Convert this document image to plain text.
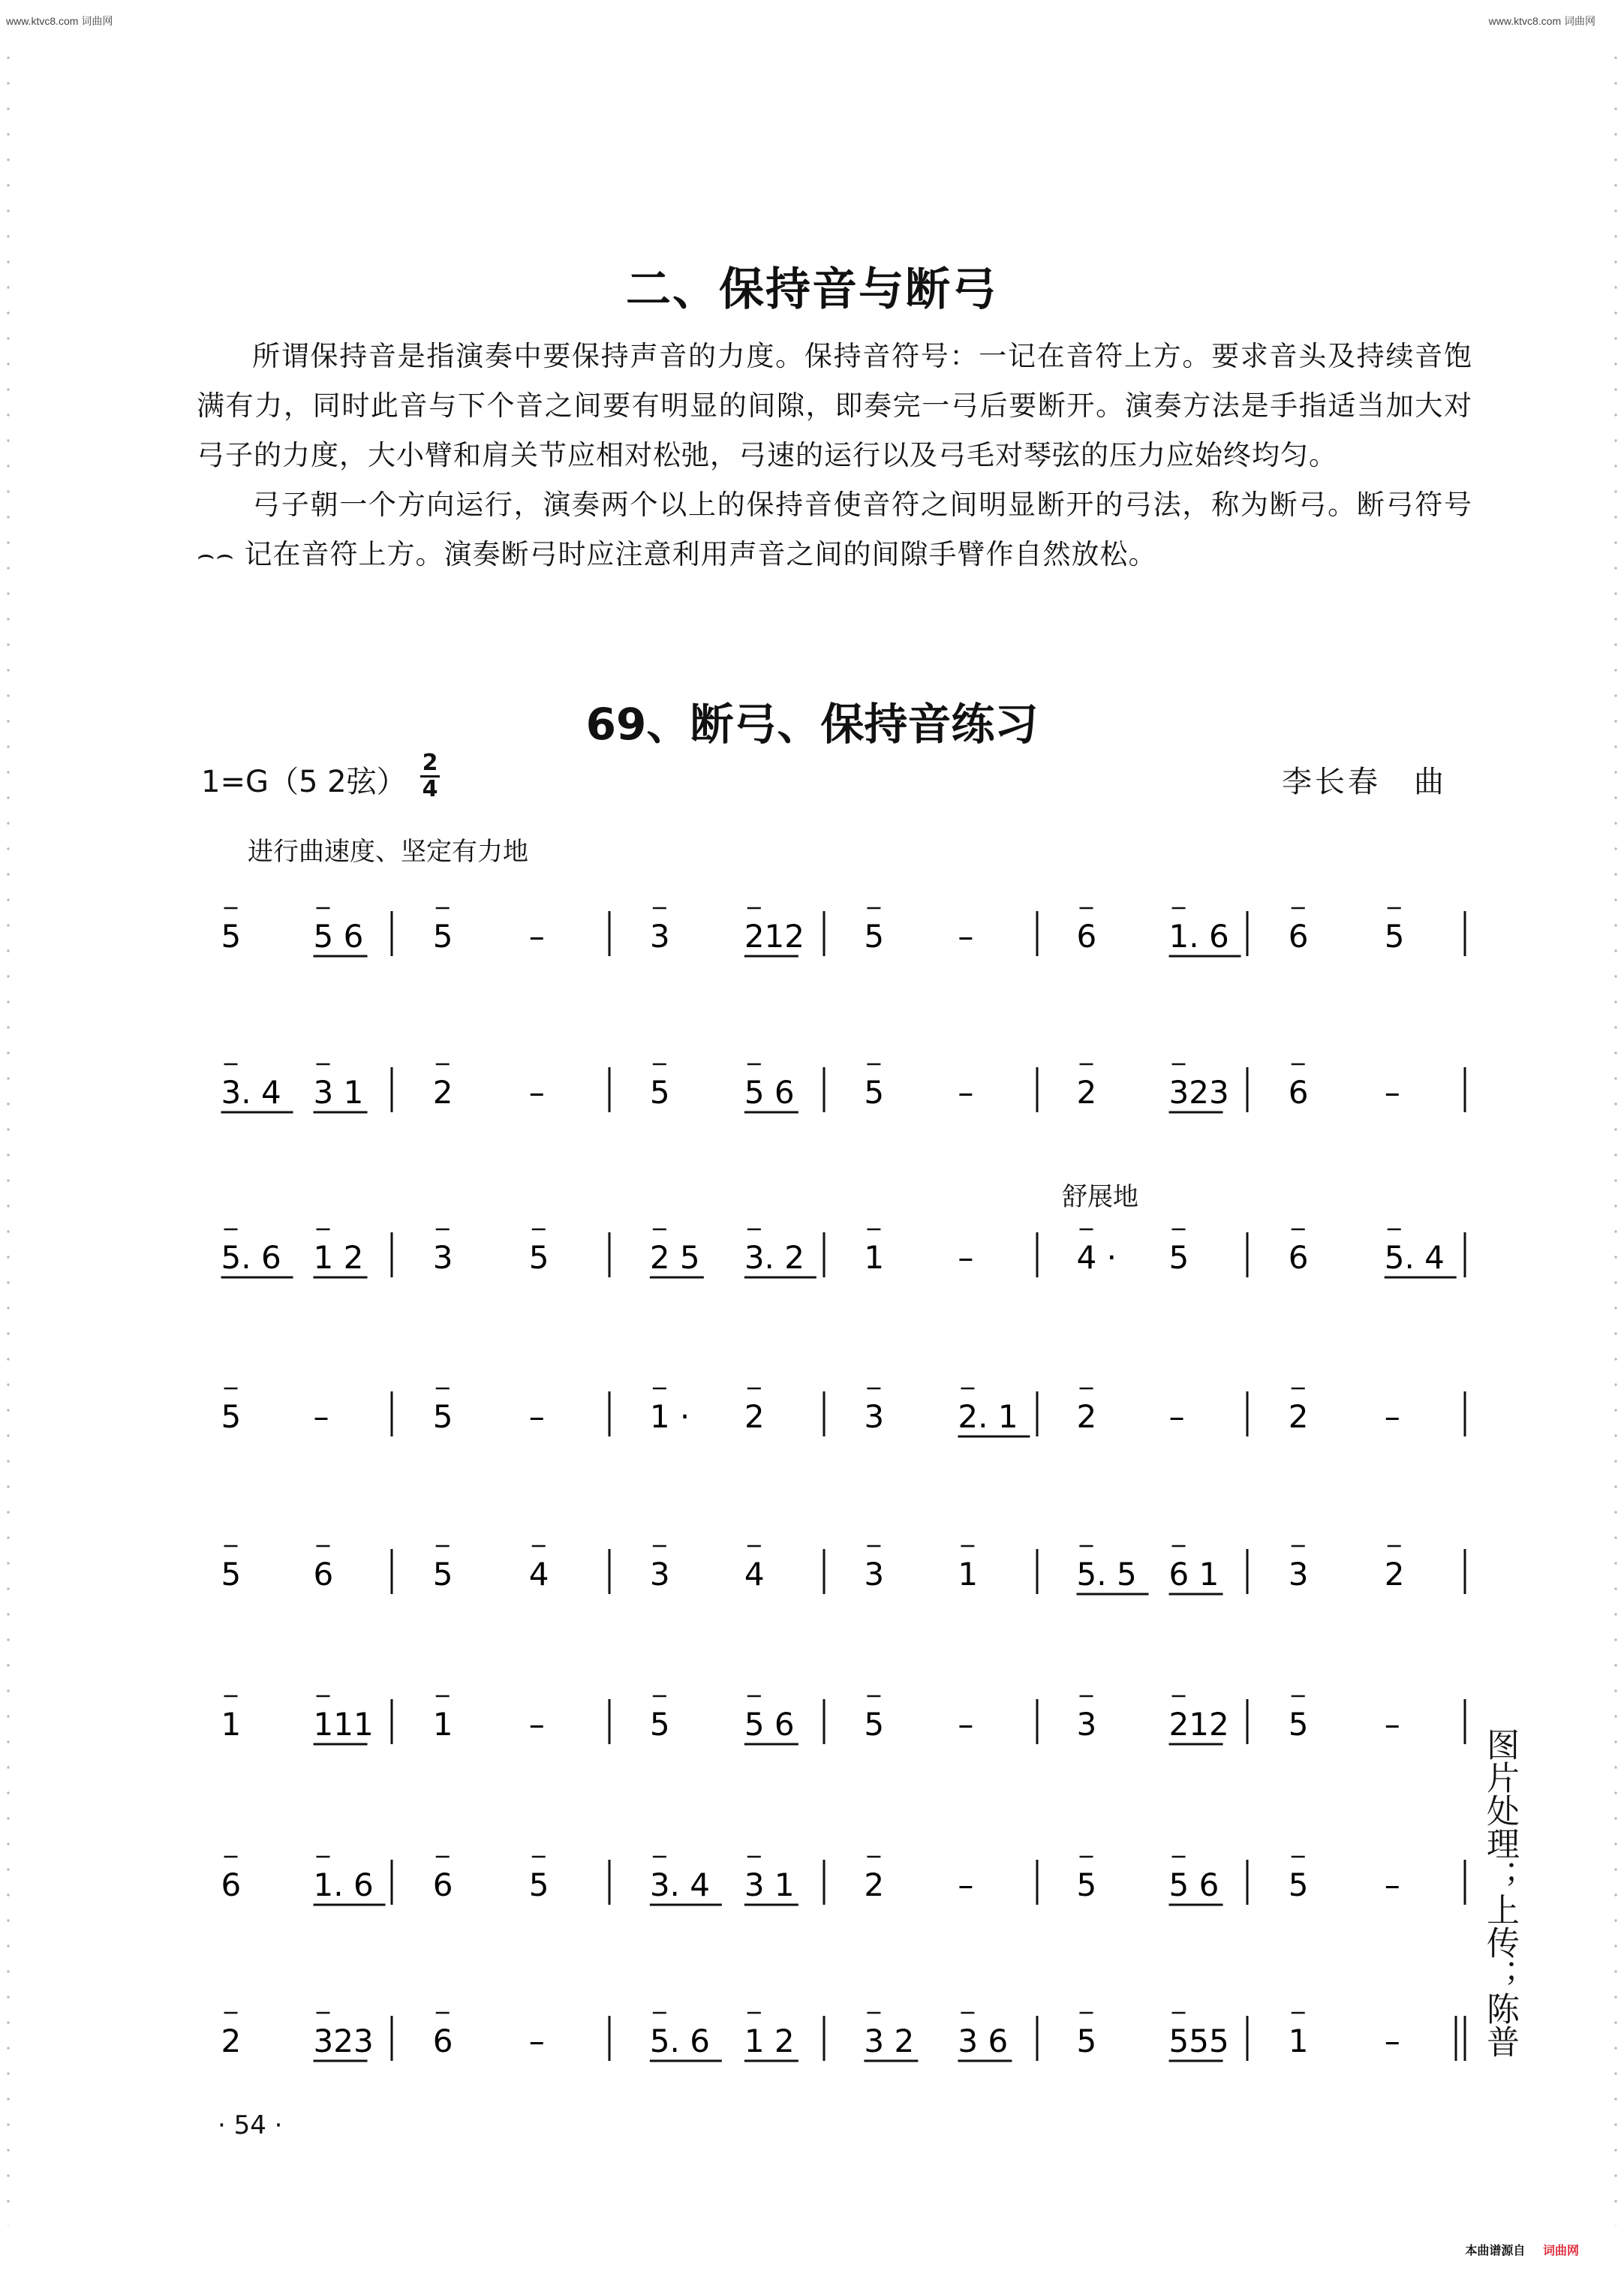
www.ktvc8.com 词曲网	www.ktvc8.com 词曲网
二、保持音与断弓

所谓保持音是指演奏中要保持声音的力度。保持音符号：一记在音符上方。要求音头及持续音饱满有力，同时此音与下个音之间要有明显的间隙，即奏完一弓后要断开。演奏方法是手指适当加大对弓子的力度，大小臂和肩关节应相对松弛，弓速的运行以及弓毛对琴弦的压力应始终均匀。

弓子朝一个方向运行，演奏两个以上的保持音使音符之间明显断开的弓法，称为断弓。断弓符号 ⌢⌢ 记在音符上方。演奏断弓时应注意利用声音之间的间隙手臂作自然放松。

69、断弓、保持音练习
1=G（5 2弦）
2
4	李长春　曲
进行曲速度、坚定有力地
舒展地
5 5 6 5 –	3 212 5 –	6 1. 6 6 5
3. 4 3 1 2 –	5 5 6 5 –	2 323 6 –
5. 6 1 2 3 5	2 5 3. 2 1 –	4 · 5	6 5. 4
5 –	5 –	1 · 2	3 2. 1 2 –	2 –
5 6	5 4	3 4	3 1	5. 5 6 1 3 2
1 111 1 –	5 5 6 5 –	3 212 5 –
6 1. 6 6 5	3. 4 3 1 2 –	5 5 6 5 –
2 323 6 –	5. 6 1 2 3 2 3 6 5 555 1 – 图片处理；上传；陈普
· 54 ·
本曲谱源自 词曲网
